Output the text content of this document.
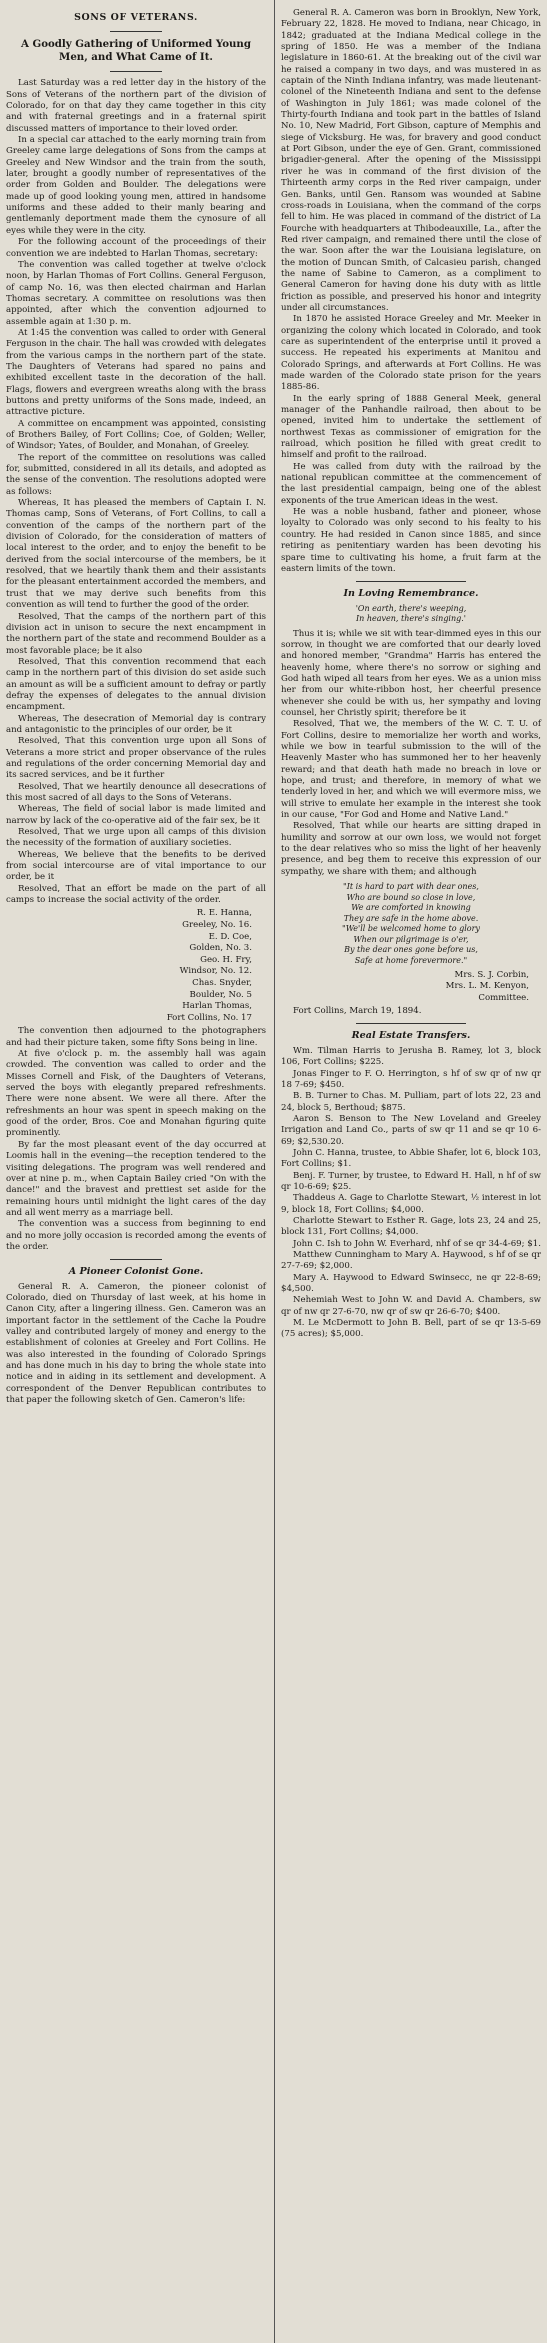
SONS OF VETERANS.
A Goodly Gathering of Uniformed Young Men, and What Came of It.

Last Saturday was a red letter day in the history of the Sons of Veterans of the northern part of the division of Colorado, for on that day they came together in this city and with fraternal greetings and in a fraternal spirit discussed matters of importance to their loved order.

In a special car attached to the early morning train from Greeley came large delegations of Sons from the camps at Greeley and New Windsor and the train from the south, later, brought a goodly number of representatives of the order from Golden and Boulder. The delegations were made up of good looking young men, attired in handsome uniforms and these added to their manly bearing and gentlemanly deportment made them the cynosure of all eyes while they were in the city.

For the following account of the proceedings of their convention we are indebted to Harlan Thomas, secretary:

The convention was called together at twelve o'clock noon, by Harlan Thomas of Fort Collins. General Ferguson, of camp No. 16, was then elected chairman and Harlan Thomas secretary. A committee on resolutions was then appointed, after which the convention adjourned to assemble again at 1:30 p. m.

At 1:45 the convention was called to order with General Ferguson in the chair. The hall was crowded with delegates from the various camps in the northern part of the state. The Daughters of Veterans had spared no pains and exhibited excellent taste in the decoration of the hall. Flags, flowers and evergreen wreaths along with the brass buttons and pretty uniforms of the Sons made, indeed, an attractive picture.

A committee on encampment was appointed, consisting of Brothers Bailey, of Fort Collins; Coe, of Golden; Weller, of Windsor; Yates, of Boulder, and Monahan, of Greeley.

The report of the committee on resolutions was called for, submitted, considered in all its details, and adopted as the sense of the convention. The resolutions adopted were as follows:

Whereas, It has pleased the members of Captain I. N. Thomas camp, Sons of Veterans, of Fort Collins, to call a convention of the camps of the northern part of the division of Colorado, for the consideration of matters of local interest to the order, and to enjoy the benefit to be derived from the social intercourse of the members, be it resolved, that we heartily thank them and their assistants for the pleasant entertainment accorded the members, and trust that we may derive such benefits from this convention as will tend to further the good of the order.

Resolved, That the camps of the northern part of this division act in unison to secure the next encampment in the northern part of the state and recommend Boulder as a most favorable place; be it also

Resolved, That this convention recommend that each camp in the northern part of this division do set aside such an amount as will be a sufficient amount to defray or partly defray the expenses of delegates to the annual division encampment.

Whereas, The desecration of Memorial day is contrary and antagonistic to the principles of our order, be it

Resolved, That this convention urge upon all Sons of Veterans a more strict and proper observance of the rules and regulations of the order concerning Memorial day and its sacred services, and be it further

Resolved, That we heartily denounce all desecrations of this most sacred of all days to the Sons of Veterans.

Whereas, The field of social labor is made limited and narrow by lack of the co-operative aid of the fair sex, be it

Resolved, That we urge upon all camps of this division the necessity of the formation of auxiliary societies.

Whereas, We believe that the benefits to be derived from social intercourse are of vital importance to our order, be it

Resolved, That an effort be made on the part of all camps to increase the social activity of the order.

R. E. Hanna,
Greeley, No. 16.
E. D. Coe,
Golden, No. 3.
Geo. H. Fry,
Windsor, No. 12.
Chas. Snyder,
Boulder, No. 5
Harlan Thomas,
Fort Collins, No. 17

The convention then adjourned to the photographers and had their picture taken, some fifty Sons being in line.

At five o'clock p. m. the assembly hall was again crowded. The convention was called to order and the Misses Cornell and Fisk, of the Daughters of Veterans, served the boys with elegantly prepared refreshments. There were none absent. We were all there. After the refreshments an hour was spent in speech making on the good of the order, Bros. Coe and Monahan figuring quite prominently.

By far the most pleasant event of the day occurred at Loomis hall in the evening—the reception tendered to the visiting delegations. The program was well rendered and over at nine p. m., when Captain Bailey cried "On with the dance!" and the bravest and prettiest set aside for the remaining hours until midnight the light cares of the day and all went merry as a marriage bell.

The convention was a success from beginning to end and no more jolly occasion is recorded among the events of the order.

A Pioneer Colonist Gone.

General R. A. Cameron, the pioneer colonist of Colorado, died on Thursday of last week, at his home in Canon City, after a lingering illness. Gen. Cameron was an important factor in the settlement of the Cache la Poudre valley and contributed largely of money and energy to the establishment of colonies at Greeley and Fort Collins. He was also interested in the founding of Colorado Springs and has done much in his day to bring the whole state into notice and in aiding in its settlement and development. A correspondent of the Denver Republican contributes to that paper the following sketch of Gen. Cameron's life:

General R. A. Cameron was born in Brooklyn, New York, February 22, 1828. He moved to Indiana, near Chicago, in 1842; graduated at the Indiana Medical college in the spring of 1850. He was a member of the Indiana legislature in 1860-61. At the breaking out of the civil war he raised a company in two days, and was mustered in as captain of the Ninth Indiana infantry, was made lieutenant-colonel of the Nineteenth Indiana and sent to the defense of Washington in July 1861; was made colonel of the Thirty-fourth Indiana and took part in the battles of Island No. 10, New Madrid, Fort Gibson, capture of Memphis and siege of Vicksburg. He was, for bravery and good conduct at Port Gibson, under the eye of Gen. Grant, commissioned brigadier-general. After the opening of the Mississippi river he was in command of the first division of the Thirteenth army corps in the Red river campaign, under Gen. Banks, until Gen. Ransom was wounded at Sabine cross-roads in Louisiana, when the command of the corps fell to him. He was placed in command of the district of La Fourche with headquarters at Thibodeauxille, La., after the Red river campaign, and remained there until the close of the war. Soon after the war the Louisiana legislature, on the motion of Duncan Smith, of Calcasieu parish, changed the name of Sabine to Cameron, as a compliment to General Cameron for having done his duty with as little friction as possible, and preserved his honor and integrity under all circumstances.

In 1870 he assisted Horace Greeley and Mr. Meeker in organizing the colony which located in Colorado, and took care as superintendent of the enterprise until it proved a success. He repeated his experiments at Manitou and Colorado Springs, and afterwards at Fort Collins. He was made warden of the Colorado state prison for the years 1885-86.

In the early spring of 1888 General Meek, general manager of the Panhandle railroad, then about to be opened, invited him to undertake the settlement of northwest Texas as commissioner of emigration for the railroad, which position he filled with great credit to himself and profit to the railroad.

He was called from duty with the railroad by the national republican committee at the commencement of the last presidential campaign, being one of the ablest exponents of the true American ideas in the west.

He was a noble husband, father and pioneer, whose loyalty to Colorado was only second to his fealty to his country. He had resided in Canon since 1885, and since retiring as penitentiary warden has been devoting his spare time to cultivating his home, a fruit farm at the eastern limits of the town.

In Loving Remembrance.
'On earth, there's weeping,
In heaven, there's singing.'

Thus it is; while we sit with tear-dimmed eyes in this our sorrow, in thought we are comforted that our dearly loved and honored member, "Grandma" Harris has entered the heavenly home, where there's no sorrow or sighing and God hath wiped all tears from her eyes. We as a union miss her from our white-ribbon host, her cheerful presence whenever she could be with us, her sympathy and loving counsel, her Christly spirit; therefore be it

Resolved, That we, the members of the W. C. T. U. of Fort Collins, desire to memorialize her worth and works, while we bow in tearful submission to the will of the Heavenly Master who has summoned her to her heavenly reward; and that death hath made no breach in love or hope, and trust; and therefore, in memory of what we tenderly loved in her, and which we will evermore miss, we will strive to emulate her example in the interest she took in our cause, "For God and Home and Native Land."

Resolved, That while our hearts are sitting draped in humility and sorrow at our own loss, we would not forget to the dear relatives who so miss the light of her heavenly presence, and beg them to receive this expression of our sympathy, we share with them; and although

"It is hard to part with dear ones,
Who are bound so close in love,
We are comforted in knowing
They are safe in the home above.
"We'll be welcomed home to glory
When our pilgrimage is o'er,
By the dear ones gone before us,
Safe at home forevermore."
Mrs. S. J. Corbin,
Mrs. L. M. Kenyon,
Committee.

Fort Collins, March 19, 1894.

Real Estate Transfers.

Wm. Tilman Harris to Jerusha B. Ramey, lot 3, block 106, Fort Collins; $225.

Jonas Finger to F. O. Herrington, s hf of sw qr of nw qr 18 7-69; $450.

B. B. Turner to Chas. M. Pulliam, part of lots 22, 23 and 24, block 5, Berthoud; $875.

Aaron S. Benson to The New Loveland and Greeley Irrigation and Land Co., parts of sw qr 11 and se qr 10 6-69; $2,530.20.

John C. Hanna, trustee, to Abbie Shafer, lot 6, block 103, Fort Collins; $1.

Benj. F. Turner, by trustee, to Edward H. Hall, n hf of sw qr 10-6-69; $25.

Thaddeus A. Gage to Charlotte Stewart, ½ interest in lot 9, block 18, Fort Collins; $4,000.

Charlotte Stewart to Esther R. Gage, lots 23, 24 and 25, block 131, Fort Collins; $4,000.

John C. Ish to John W. Everhard, nhf of se qr 34-4-69; $1.

Matthew Cunningham to Mary A. Haywood, s hf of se qr 27-7-69; $2,000.

Mary A. Haywood to Edward Swinsecc, ne qr 22-8-69; $4,500.

Nehemiah West to John W. and David A. Chambers, sw qr of nw qr 27-6-70, nw qr of sw qr 26-6-70; $400.

M. Le McDermott to John B. Bell, part of se qr 13-5-69 (75 acres); $5,000.
